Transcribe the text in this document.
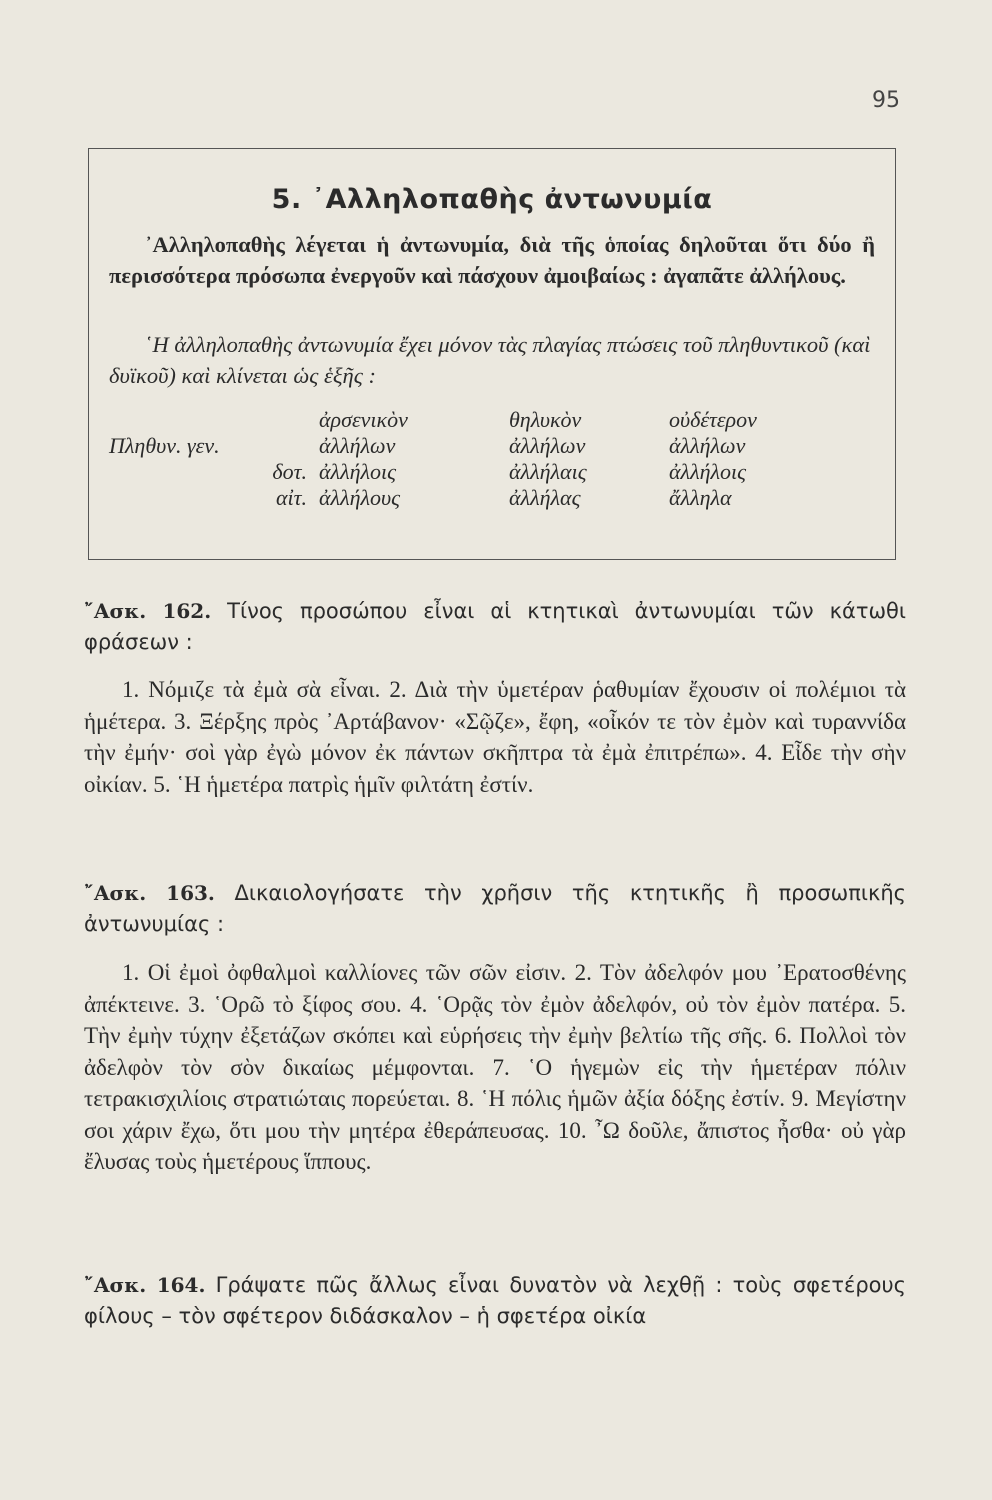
95
5. ᾿Αλληλοπαθὴς ἀντωνυμία

᾿Αλληλοπαθὴς λέγεται ἡ ἀντωνυμία, διὰ τῆς ὁποίας δηλοῦται ὅτι δύο ἢ περισσότερα πρόσωπα ἐνεργοῦν καὶ πάσχουν ἀμοιβαίως : ἀγαπᾶτε ἀλλήλους.

῾Η ἀλληλοπαθὴς ἀντωνυμία ἔχει μόνον τὰς πλαγίας πτώσεις τοῦ πληθυντικοῦ (καὶ δυϊκοῦ) καὶ κλίνεται ὡς ἑξῆς :

		ἀρσενικὸν	θηλυκὸν	οὐδέτερον
Πληθυν. γεν.		ἀλλήλων	ἀλλήλων	ἀλλήλων
	δοτ.	ἀλλήλοις	ἀλλήλαις	ἀλλήλοις
	αἰτ.	ἀλλήλους	ἀλλήλας	ἄλληλα

῎Ασκ. 162. Τίνος προσώπου εἶναι αἱ κτητικαὶ ἀντωνυμίαι τῶν κάτωθι φράσεων :

1. Νόμιζε τὰ ἐμὰ σὰ εἶναι. 2. Διὰ τὴν ὑμετέραν ῥαθυμίαν ἔχουσιν οἱ πολέμιοι τὰ ἡμέτερα. 3. Ξέρξης πρὸς ᾿Αρτάβανον· «Σῷζε», ἔφη, «οἶκόν τε τὸν ἐμὸν καὶ τυραννίδα τὴν ἐμήν· σοὶ γὰρ ἐγὼ μόνον ἐκ πάντων σκῆπτρα τὰ ἐμὰ ἐπιτρέπω». 4. Εἶδε τὴν σὴν οἰκίαν. 5. ῾Η ἡμετέρα πατρὶς ἡμῖν φιλτάτη ἐστίν.

῎Ασκ. 163. Δικαιολογήσατε τὴν χρῆσιν τῆς κτητικῆς ἢ προσωπικῆς ἀντωνυμίας :

1. Οἱ ἐμοὶ ὀφθαλμοὶ καλλίονες τῶν σῶν εἰσιν. 2. Τὸν ἀδελφόν μου ᾿Ερατοσθένης ἀπέκτεινε. 3. ῾Ορῶ τὸ ξίφος σου. 4. ῾Ορᾷς τὸν ἐμὸν ἀδελφόν, οὐ τὸν ἐμὸν πατέρα. 5. Τὴν ἐμὴν τύχην ἐξετάζων σκόπει καὶ εὑρήσεις τὴν ἐμὴν βελτίω τῆς σῆς. 6. Πολλοὶ τὸν ἀδελφὸν τὸν σὸν δικαίως μέμφονται. 7. ῾Ο ἡγεμὼν εἰς τὴν ἡμετέραν πόλιν τετρακισχιλίοις στρατιώταις πορεύεται. 8. ῾Η πόλις ἡμῶν ἀξία δόξης ἐστίν. 9. Μεγίστην σοι χάριν ἔχω, ὅτι μου τὴν μητέρα ἐθεράπευσας. 10. ῏Ω δοῦλε, ἄπιστος ἦσθα· οὐ γὰρ ἔλυσας τοὺς ἡμετέρους ἵππους.

῎Ασκ. 164. Γράψατε πῶς ἄλλως εἶναι δυνατὸν νὰ λεχθῇ : τοὺς σφετέρους φίλους – τὸν σφέτερον διδάσκαλον – ἡ σφετέρα οἰκία
